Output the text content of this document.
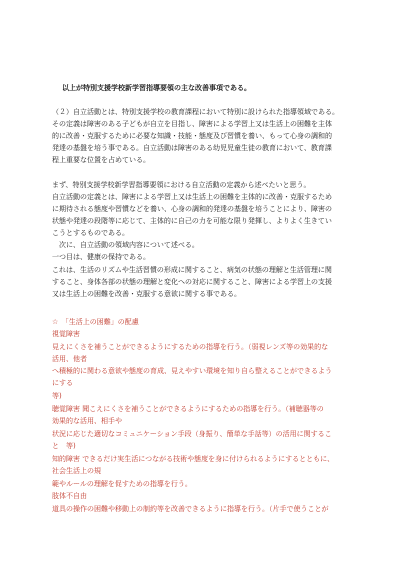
以上が特別支援学校新学習指導要領の主な改善事項である。
（２）自立活動とは、特別支援学校の教育課程において特別に設けられた指導領域である。
その定義は障害のある子どもが自立を目指し、障害による学習上又は生活上の困難を主体
的に改善・克服するために必要な知識・技能・態度及び習慣を養い、もって心身の調和的
発達の基盤を培う事である。自立活動は障害のある幼児児童生徒の教育において、教育課
程上重要な位置を占めている。
まず、特別支援学校新学習指導要領における自立活動の定義から述べたいと思う。
自立活動の定義とは、障害による学習上又は生活上の困難を主体的に改善・克服するため
に期待される態度や習慣などを養い、心身の調和的発達の基盤を培うことにより、障害の
状態や発達の段階等に応じて、主体的に自己の力を可能な限り発揮し、よりよく生きてい
こうとするものである。
　次に、自立活動の領域内容について述べる。
一つ目は、健康の保持である。
これは、生活のリズムや生活習慣の形成に関すること、病気の状態の理解と生活管理に関
すること、身体各部の状態の理解と変化への対応に関すること、障害による学習上の支援
又は生活上の困難を改善・克服する意欲に関する事である。
☆　「生活上の困難」の配慮
視覚障害
見えにくさを補うことができるようにするための指導を行う。（弱視レンズ等の効果的な
活用、他者
へ積極的に関わる意欲や態度の育成、見えやすい環境を知り自ら整えることができるよう
にする
等)
聴覚障害 聞こえにくさを補うことができるようにするための指導を行う。（補聴器等の
効果的な活用、相手や
状況に応じた適切なコミュニケーション手段（身振り、簡単な手話等）の活用に関するこ
と　等)
知的障害 できるだけ実生活につながる技術や態度を身に付けられるようにするとともに、
社会生活上の規
範やルールの理解を促すための指導を行う。
肢体不自由
道具の操作の困難や移動上の制約等を改善できるように指導を行う。（片手で使うことが
